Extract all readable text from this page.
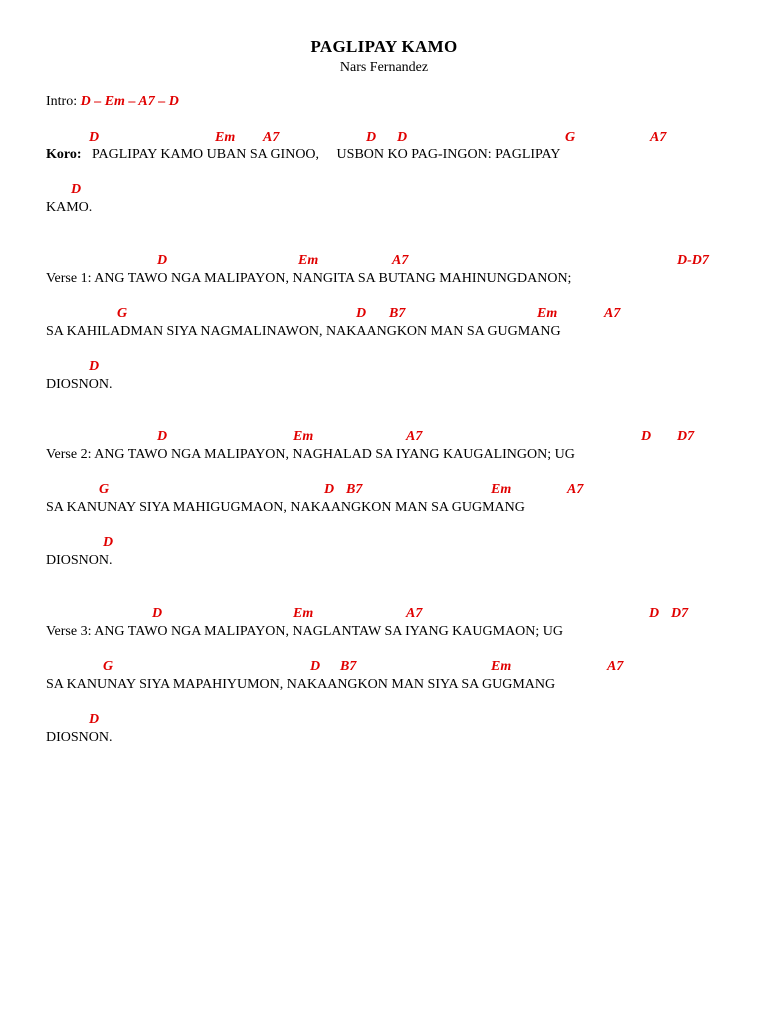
PAGLIPAY KAMO
Nars Fernandez
Intro: D – Em – A7 – D
D	Em A7	D D	G	A7
Koro: PAGLIPAY KAMO UBAN SA GINOO,     USBON KO PAG-INGON: PAGLIPAY
D
KAMO.
D	Em	A7	D-D7
Verse 1: ANG TAWO NGA MALIPAYON, NANGITA SA BUTANG MAHINUNGDANON;
G	D B7	Em	A7
SA KAHILADMAN SIYA NAGMALINAWON, NAKAANGKON MAN SA GUGMANG
D
DIOSNON.
D	Em	A7	D D7
Verse 2: ANG TAWO NGA MALIPAYON, NAGHALAD SA IYANG KAUGALINGON; UG
G	D B7	Em	A7
SA KANUNAY SIYA MAHIGUGMAON, NAKAANGKON MAN SA GUGMANG
D
DIOSNON.
D	Em	A7	D D7
Verse 3: ANG TAWO NGA MALIPAYON, NAGLANTAW SA IYANG KAUGMAON; UG
G	D B7	Em	A7
SA KANUNAY SIYA MAPAHIYUMON, NAKAANGKON MAN SIYA SA GUGMANG
D
DIOSNON.
